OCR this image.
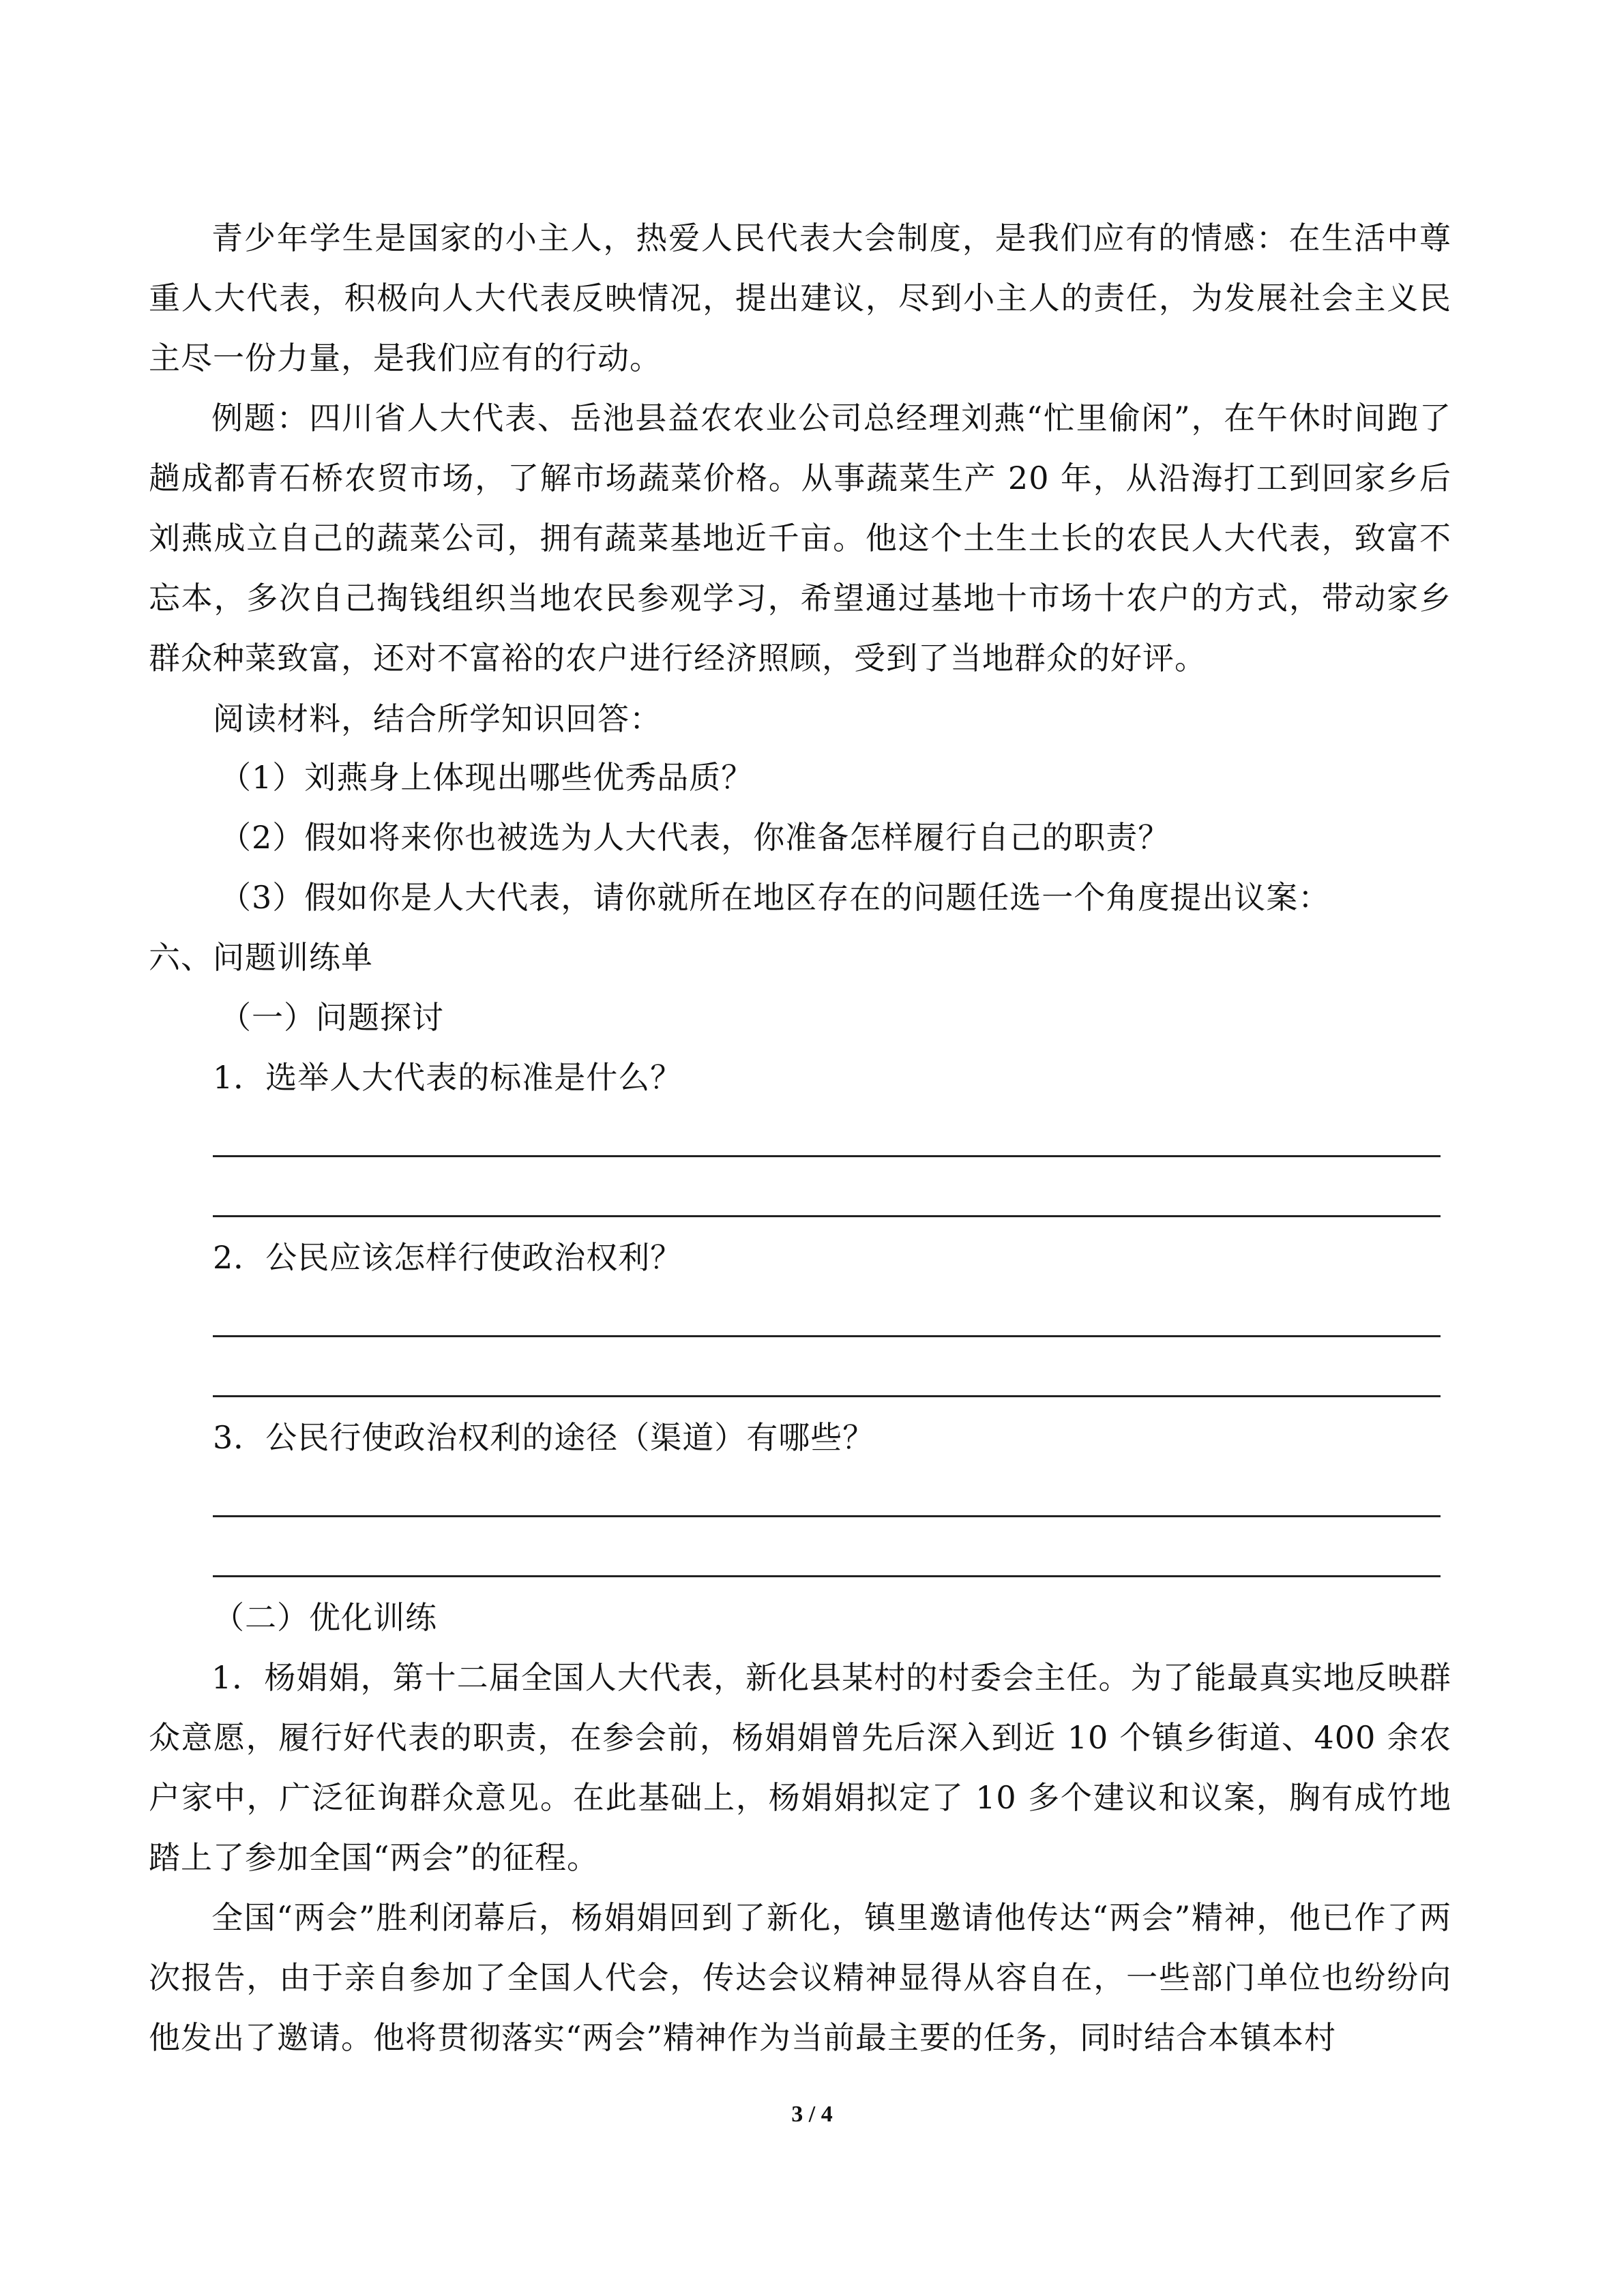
青少年学生是国家的小主人，热爱人民代表大会制度，是我们应有的情感：在生活中尊重人大代表，积极向人大代表反映情况，提出建议，尽到小主人的责任，为发展社会主义民主尽一份力量，是我们应有的行动。

例题：四川省人大代表、岳池县益农农业公司总经理刘燕“忙里偷闲”，在午休时间跑了趟成都青石桥农贸市场，了解市场蔬菜价格。从事蔬菜生产 20 年，从沿海打工到回家乡后刘燕成立自己的蔬菜公司，拥有蔬菜基地近千亩。他这个土生土长的农民人大代表，致富不忘本，多次自己掏钱组织当地农民参观学习，希望通过基地十市场十农户的方式，带动家乡群众种菜致富，还对不富裕的农户进行经济照顾，受到了当地群众的好评。

阅读材料，结合所学知识回答：

（1）刘燕身上体现出哪些优秀品质？

（2）假如将来你也被选为人大代表，你准备怎样履行自己的职责？

（3）假如你是人大代表，请你就所在地区存在的问题任选一个角度提出议案：

六、问题训练单

（一）问题探讨

1．选举人大代表的标准是什么？

2．公民应该怎样行使政治权利？

3．公民行使政治权利的途径（渠道）有哪些？

（二）优化训练

1．杨娟娟，第十二届全国人大代表，新化县某村的村委会主任。为了能最真实地反映群众意愿，履行好代表的职责，在参会前，杨娟娟曾先后深入到近 10 个镇乡街道、400 余农户家中，广泛征询群众意见。在此基础上，杨娟娟拟定了 10 多个建议和议案，胸有成竹地踏上了参加全国“两会”的征程。

全国“两会”胜利闭幕后，杨娟娟回到了新化，镇里邀请他传达“两会”精神，他已作了两次报告，由于亲自参加了全国人代会，传达会议精神显得从容自在，一些部门单位也纷纷向他发出了邀请。他将贯彻落实“两会”精神作为当前最主要的任务，同时结合本镇本村

3 / 4
